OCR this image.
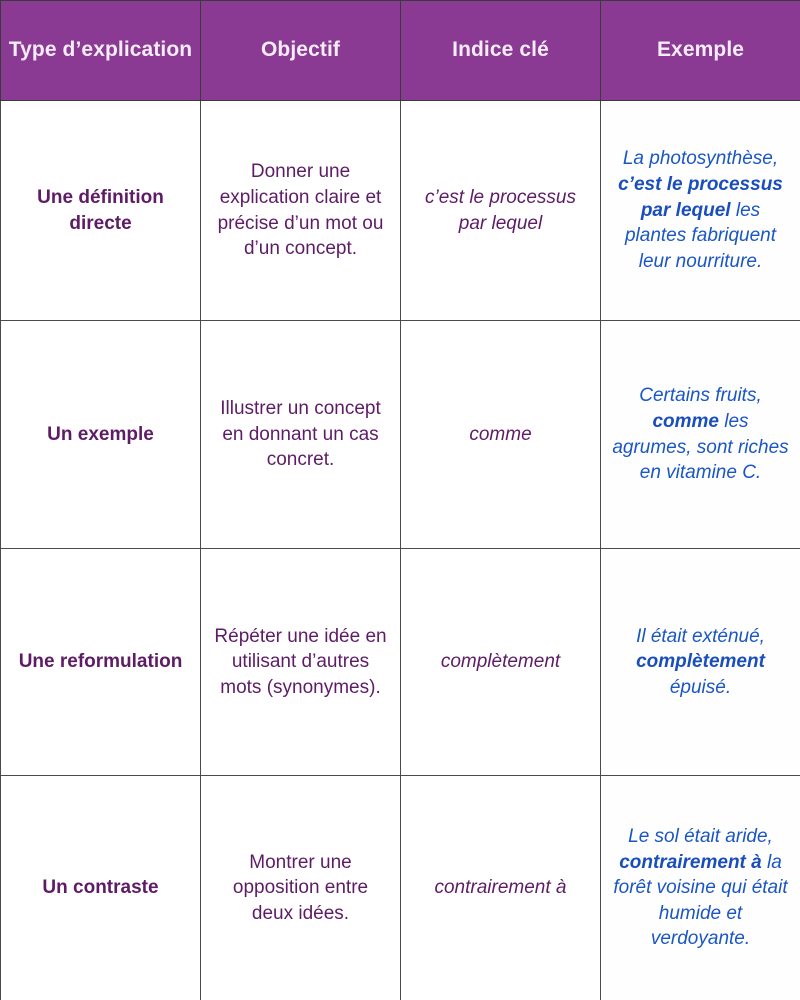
Type d’explication	Objectif	Indice clé	Exemple
Une définition directe	Donner une explication claire et précise d’un mot ou d’un concept.	c’est le processus par lequel	La photosynthèse, c’est le processus par lequel les plantes fabriquent leur nourriture.
Un exemple	Illustrer un concept en donnant un cas concret.	comme	Certains fruits, comme les agrumes, sont riches en vitamine C.
Une reformulation	Répéter une idée en utilisant d’autres mots (synonymes).	complètement	Il était exténué, complètement épuisé.
Un contraste	Montrer une opposition entre deux idées.	contrairement à	Le sol était aride, contrairement à la forêt voisine qui était humide et verdoyante.
